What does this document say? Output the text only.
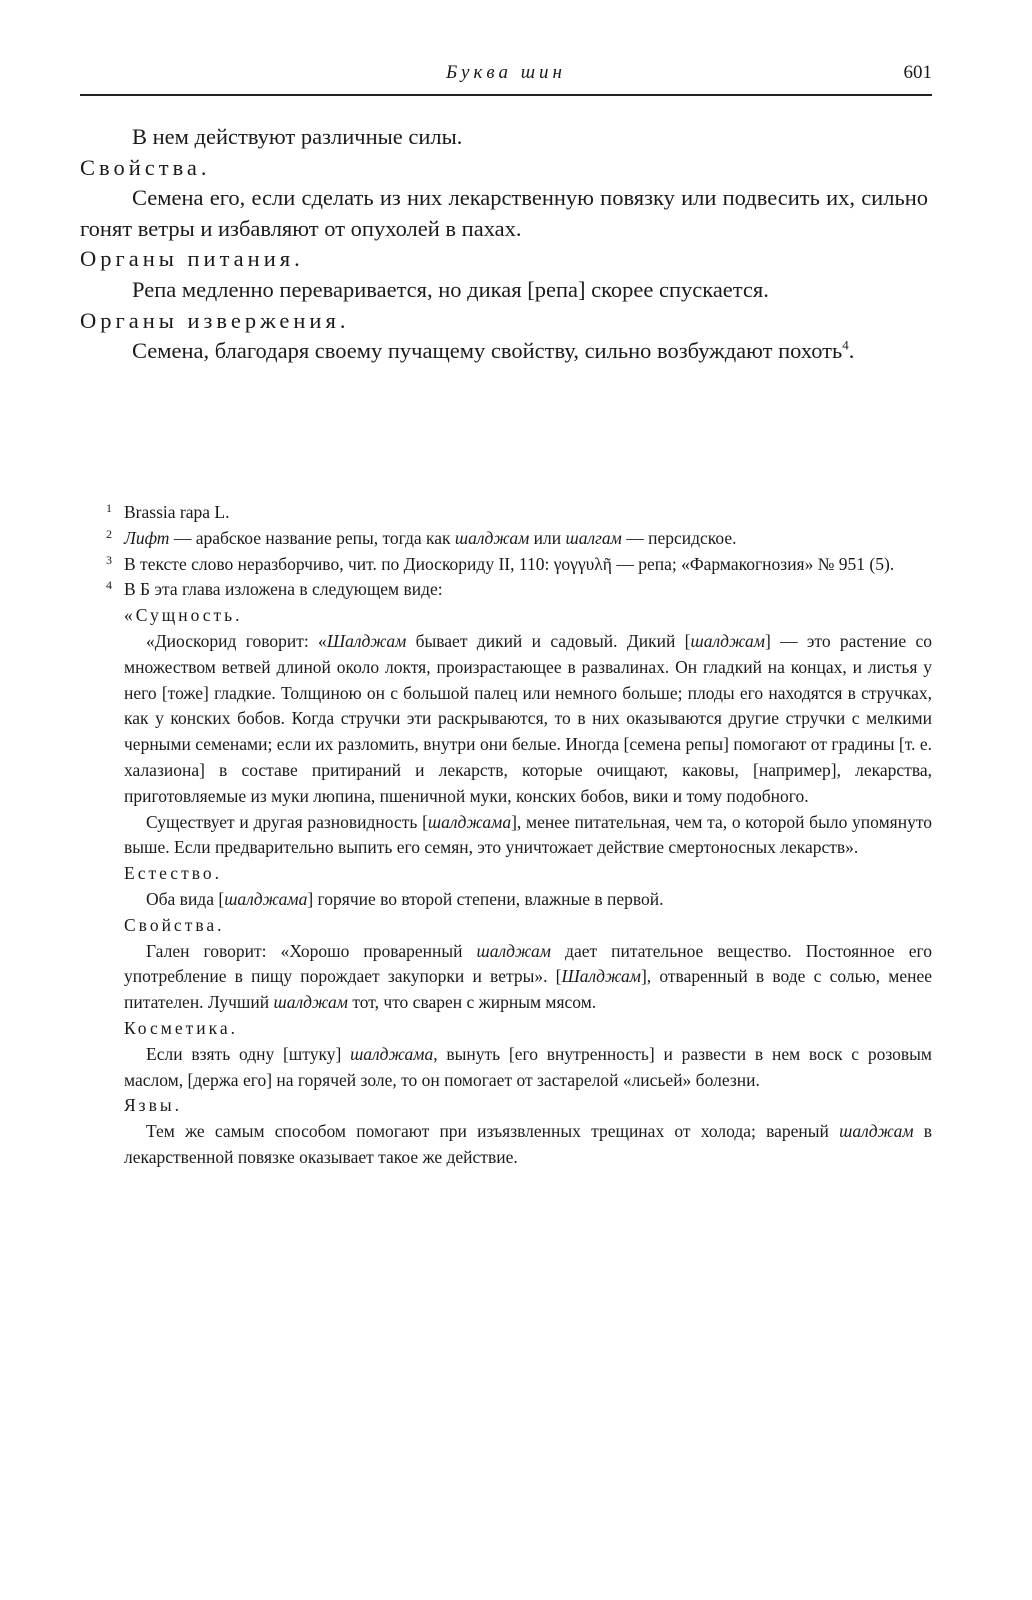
Буква шин	601

В нем действуют различные силы.

Свойства.

Семена его, если сделать из них лекарственную повязку или подвесить их, сильно гонят ветры и избавляют от опухолей в пахах.

Органы питания.

Репа медленно переваривается, но дикая [репа] скорее спускается.

Органы извержения.

Семена, благодаря своему пучащему свойству, сильно возбуждают похоть$^4$.

1 Brassia rapa L.

2 Лифт — арабское название репы, тогда как шалджам или шалгам — персидское.

3 В тексте слово неразборчиво, чит. по Диоскориду II, 110: γογγυλῆ — репа; «Фармакогнозия» № 951 (5).

4 В Б эта глава изложена в следующем виде:

«Сущность.

«Диоскорид говорит: «Шалджам бывает дикий и садовый. Дикий [шалджам] — это растение со множеством ветвей длиной около локтя, произрастающее в развалинах. Он гладкий на концах, и листья у него [тоже] гладкие. Толщиною он с большой палец или немного больше; плоды его находятся в стручках, как у конских бобов. Когда стручки эти раскрываются, то в них оказываются другие стручки с мелкими черными семенами; если их разломить, внутри они белые. Иногда [семена репы] помогают от градины [т. е. халазиона] в составе притираний и лекарств, которые очищают, каковы, [например], лекарства, приготовляемые из муки люпина, пшеничной муки, конских бобов, вики и тому подобного.

Существует и другая разновидность [шалджама], менее питательная, чем та, о которой было упомянуто выше. Если предварительно выпить его семян, это уничтожает действие смертоносных лекарств».

Естество.

Оба вида [шалджама] горячие во второй степени, влажные в первой.

Свойства.

Гален говорит: «Хорошо проваренный шалджам дает питательное вещество. Постоянное его употребление в пищу порождает закупорки и ветры». [Шалджам], отваренный в воде с солью, менее питателен. Лучший шалджам тот, что сварен с жирным мясом.

Косметика.

Если взять одну [штуку] шалджама, вынуть [его внутренность] и развести в нем воск с розовым маслом, [держа его] на горячей золе, то он помогает от застарелой «лисьей» болезни.

Язвы.

Тем же самым способом помогают при изъязвленных трещинах от холода; вареный шалджам в лекарственной повязке оказывает такое же действие.
